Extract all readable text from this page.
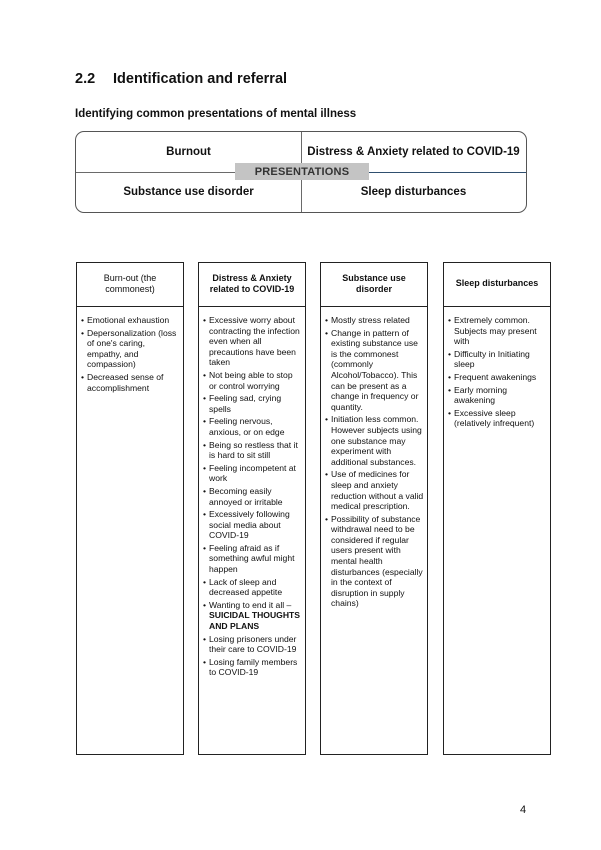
2.2 Identification and referral
Identifying common presentations of mental illness
Burnout	Distress & Anxiety related to COVID-19
Substance use disorder	Sleep disturbances
PRESENTATIONS
Burn-out (the commonest)
• Emotional exhaustion
• Depersonalization (loss of one's caring, empathy, and compassion)
• Decreased sense of accomplishment
Distress & Anxiety related to COVID-19
• Excessive worry about contracting the infection even when all precautions have been taken
• Not being able to stop or control worrying
• Feeling sad, crying spells
• Feeling nervous, anxious, or on edge
• Being so restless that it is hard to sit still
• Feeling incompetent at work
• Becoming easily annoyed or irritable
• Excessively following social media about COVID-19
• Feeling afraid as if something awful might happen
• Lack of sleep and decreased appetite
• Wanting to end it all – SUICIDAL THOUGHTS AND PLANS
• Losing prisoners under their care to COVID-19
• Losing family members to COVID-19
Substance use disorder
• Mostly stress related
• Change in pattern of existing substance use is the commonest (commonly Alcohol/Tobacco). This can be present as a change in frequency or quantity.
• Initiation less common. However subjects using one substance may experiment with additional substances.
• Use of medicines for sleep and anxiety reduction without a valid medical prescription.
• Possibility of substance withdrawal need to be considered if regular users present with mental health disturbances (especially in the context of disruption in supply chains)
Sleep disturbances
• Extremely common. Subjects may present with
• Difficulty in Initiating sleep
• Frequent awakenings
• Early morning awakening
• Excessive sleep (relatively infrequent)
4
